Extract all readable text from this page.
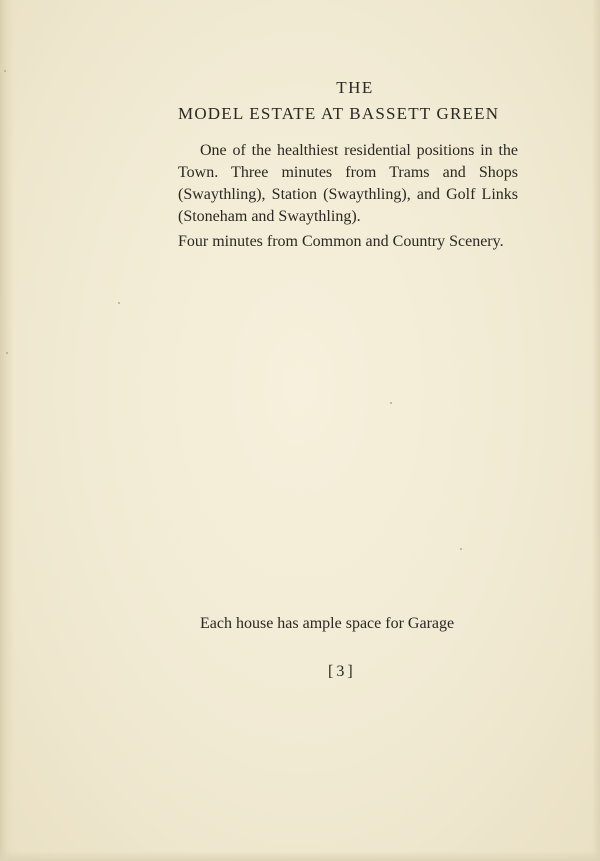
THE
MODEL ESTATE AT BASSETT GREEN

One of the healthiest residential positions in the Town. Three minutes from Trams and Shops (Swaythling), Station (Swaythling), and Golf Links (Stoneham and Swaythling).

Four minutes from Common and Country Scenery.

Each house has ample space for Garage
[3]
